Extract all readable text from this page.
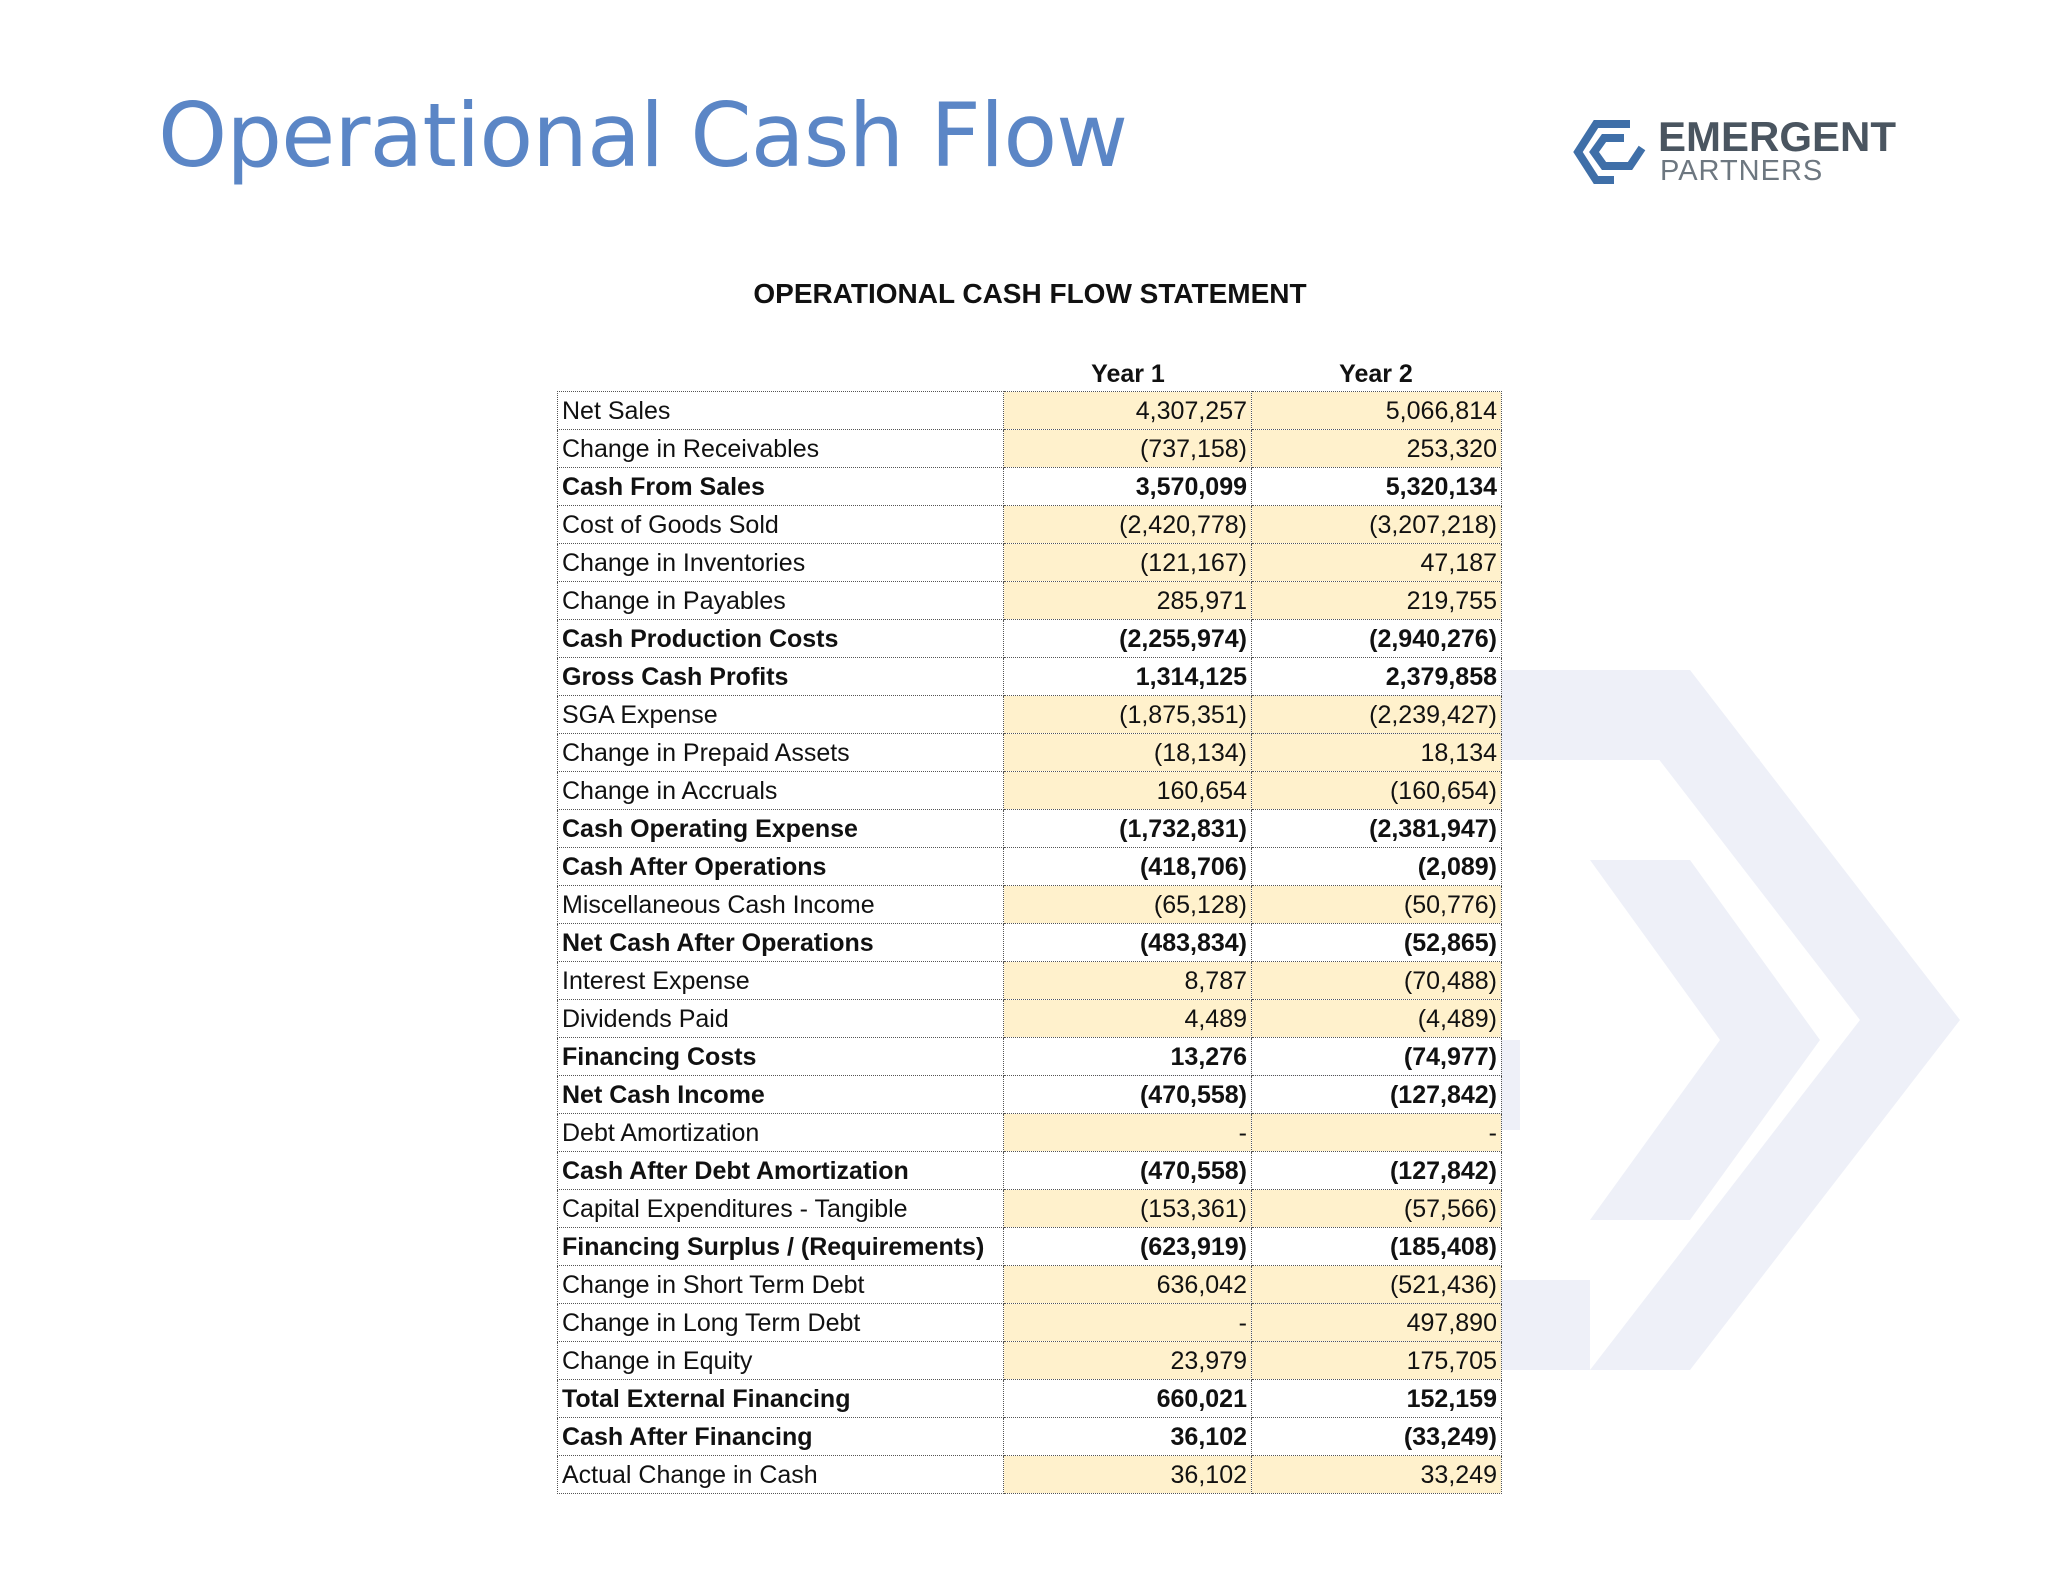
Operational Cash Flow	EMERGENT
PARTNERS
OPERATIONAL CASH FLOW STATEMENT
Year 1	Year 2
Net Sales	4,307,257	5,066,814
Change in Receivables	(737,158)	253,320
Cash From Sales	3,570,099	5,320,134
Cost of Goods Sold	(2,420,778)	(3,207,218)
Change in Inventories	(121,167)	47,187
Change in Payables	285,971	219,755
Cash Production Costs	(2,255,974)	(2,940,276)
Gross Cash Profits	1,314,125	2,379,858
SGA Expense	(1,875,351)	(2,239,427)
Change in Prepaid Assets	(18,134)	18,134
Change in Accruals	160,654	(160,654)
Cash Operating Expense	(1,732,831)	(2,381,947)
Cash After Operations	(418,706)	(2,089)
Miscellaneous Cash Income	(65,128)	(50,776)
Net Cash After Operations	(483,834)	(52,865)
Interest Expense	8,787	(70,488)
Dividends Paid	4,489	(4,489)
Financing Costs	13,276	(74,977)
Net Cash Income	(470,558)	(127,842)
Debt Amortization	-	-
Cash After Debt Amortization	(470,558)	(127,842)
Capital Expenditures - Tangible	(153,361)	(57,566)
Financing Surplus / (Requirements)	(623,919)	(185,408)
Change in Short Term Debt	636,042	(521,436)
Change in Long Term Debt	-	497,890
Change in Equity	23,979	175,705
Total External Financing	660,021	152,159
Cash After Financing	36,102	(33,249)
Actual Change in Cash	36,102	33,249
